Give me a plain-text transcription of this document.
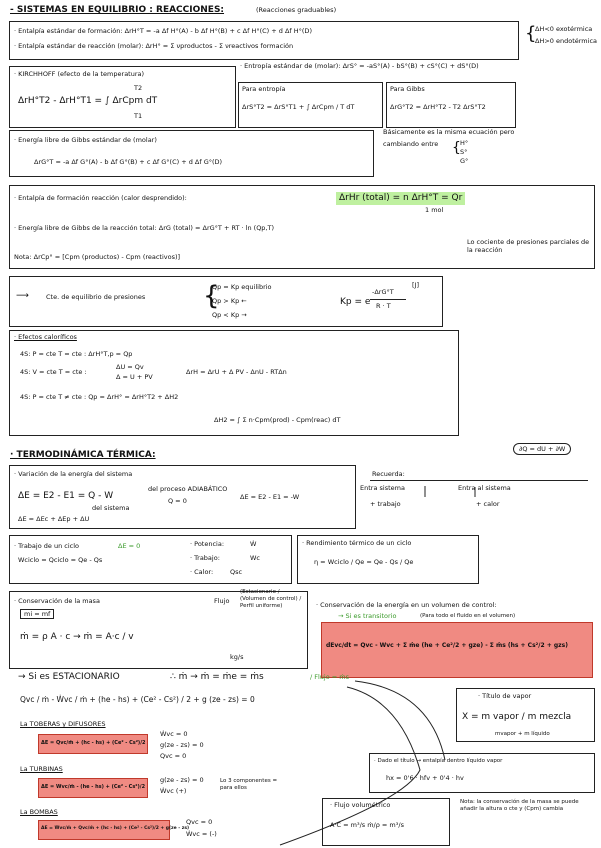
- SISTEMAS EN EQUILIBRIO : REACCIONES:	(Reacciones graduables)
· Entalpía estándar de formación: ΔrH°T = -a Δf H°(A) - b Δf H°(B) + c Δf H°(C) + d Δf H°(D)
· Entalpía estándar de reacción (molar): ΔrH° = Σ νproductos - Σ νreactivos formación
{
ΔH<0 exotérmica
ΔH>0 endotérmica
· KIRCHHOFF (efecto de la temperatura)
ΔrH°T2 - ΔrH°T1 = ∫ ΔrCpm dT
T2
T1
· Entropía estándar de (molar): ΔrS° = -aS°(A) - bS°(B) + cS°(C) + dS°(D)
Para entropía
ΔrS°T2 = ΔrS°T1 + ∫ ΔrCpm / T dT
Para Gibbs
ΔrG°T2 = ΔrH°T2 - T2 ΔrS°T2
· Energía libre de Gibbs estándar de (molar)
ΔrG°T = -a Δf G°(A) - b Δf G°(B) + c Δf G°(C) + d Δf G°(D)
Básicamente es la misma ecuación pero
cambiando entre { H°
S°
G°
· Entalpía de formación reacción (calor desprendido):	ΔrHr (total) = n ΔrH°T = Qr
1 mol
· Energía libre de Gibbs de la reacción total: ΔrG (total) = ΔrG°T + RT · ln (Qp,T)
Lo cociente de presiones parciales de la reacción
Nota: ΔrCp° = [Cpm (productos) - Cpm (reactivos)]
⟶	Cte. de equilibrio de presiones {
Qp = Kp equilibrio
Qp > Kp ←
Qp < Kp →
Kp = e
-ΔrG°T
R · T
[J]
· Efectos caloríficos
4S: P = cte T = cte : ΔrH°T,p = Qp
4S: V = cte T = cte :
ΔU = Qv
Δ = U + PV
ΔrH = ΔrU + Δ PV - ΔnU - RTΔn
4S: P = cte T ≠ cte : Qp = ΔrH° = ΔrH°T2 + ΔH2
ΔH2 = ∫ Σ n·Cpm(prod) - Cpm(reac) dT
· TERMODINÁMICA TÉRMICA:
∂Q = dU + ∂W
· Variación de la energía del sistema
ΔE = E2 - E1 = Q - W
del sistema
del proceso ADIABÁTICO
Q = 0	ΔE = E2 - E1 = -W
ΔE = ΔEc + ΔEp + ΔU
Recuerda:
Entra sistema
+ trabajo
Entra al sistema
+ calor
· Trabajo de un ciclo	ΔE = 0
Wciclo = Qciclo = Qe - Qs
· Potencia:	Ẇ
· Trabajo:	Wc
· Calor:	Qsc
· Rendimiento térmico de un ciclo
η = Wciclo / Qe = Qe - Qs / Qe
· Conservación de la masa	Flujo
(Estacionario / (Volumen de control) / Perfil uniforme)
mi = mf
ṁ = ρ A · c → ṁ = A·c / v
kg/s
· Conservación de la energía en un volumen de control:
→ Si es transitorio	(Para todo el fluido en el volumen)
dEvc/dt = Qvc - Wvc + Σ ṁe (he + Ce²/2 + gze) - Σ ṁs (hs + Cs²/2 + gzs)
→ Si es ESTACIONARIO	∴ ṁ → ṁ = ṁe = ṁs	/ Flujo = ṁs
Qvc / ṁ - Ẇvc / ṁ + (he - hs) + (Ce² - Cs²) / 2 + g (ze - zs) = 0
La TOBERAS y DIFUSORES
ΔE = Qvc/ṁ + (hc - hs) + (Ce² - Cs²)/2
Ẇvc = 0
g(ze - zs) = 0
Qvc = 0
La TURBINAS
ΔE = Wvc/ṁ - (he - hs) + (Ce² - Cs²)/2
g(ze - zs) = 0
Ẇvc (+)
Lo 3 componentes = para ellos
La BOMBAS
ΔE = Ẇvc/ṁ + Qvc/ṁ + (hc - hs) + (Ce² - Cs²)/2 + g(ze - zs)
Qvc = 0
Ẇvc = (-)
· Título de vapor
X = m vapor / m mezcla
mvapor + m líquido
· Dado el título → entalpía dentro líquido vapor
hx = 0'6 · hfv + 0'4 · hv
· Flujo volumétrico
A·C = m³/s ṁ/ρ = m³/s
Nota: la conservación de la masa se puede añadir la altura o cte y (Cpm) cambia
